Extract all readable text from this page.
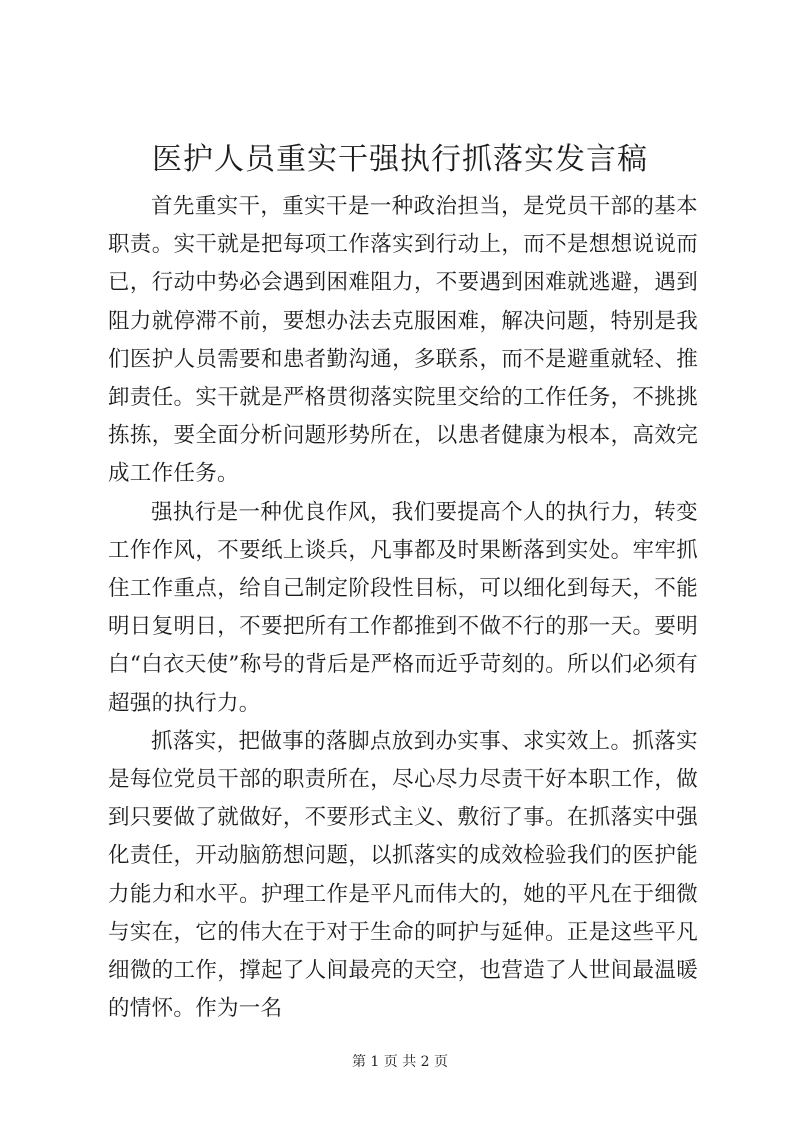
医护人员重实干强执行抓落实发言稿

首先重实干，重实干是一种政治担当，是党员干部的基本职责。实干就是把每项工作落实到行动上，而不是想想说说而已，行动中势必会遇到困难阻力，不要遇到困难就逃避，遇到阻力就停滞不前，要想办法去克服困难，解决问题，特别是我们医护人员需要和患者勤沟通，多联系，而不是避重就轻、推卸责任。实干就是严格贯彻落实院里交给的工作任务，不挑挑拣拣，要全面分析问题形势所在，以患者健康为根本，高效完成工作任务。

强执行是一种优良作风，我们要提高个人的执行力，转变工作作风，不要纸上谈兵，凡事都及时果断落到实处。牢牢抓住工作重点，给自己制定阶段性目标，可以细化到每天，不能明日复明日，不要把所有工作都推到不做不行的那一天。要明白“白衣天使”称号的背后是严格而近乎苛刻的。所以们必须有超强的执行力。

抓落实，把做事的落脚点放到办实事、求实效上。抓落实是每位党员干部的职责所在，尽心尽力尽责干好本职工作，做到只要做了就做好，不要形式主义、敷衍了事。在抓落实中强化责任，开动脑筋想问题，以抓落实的成效检验我们的医护能力能力和水平。护理工作是平凡而伟大的，她的平凡在于细微与实在，它的伟大在于对于生命的呵护与延伸。正是这些平凡细微的工作，撑起了人间最亮的天空，也营造了人世间最温暖的情怀。作为一名

第 1 页 共 2 页
